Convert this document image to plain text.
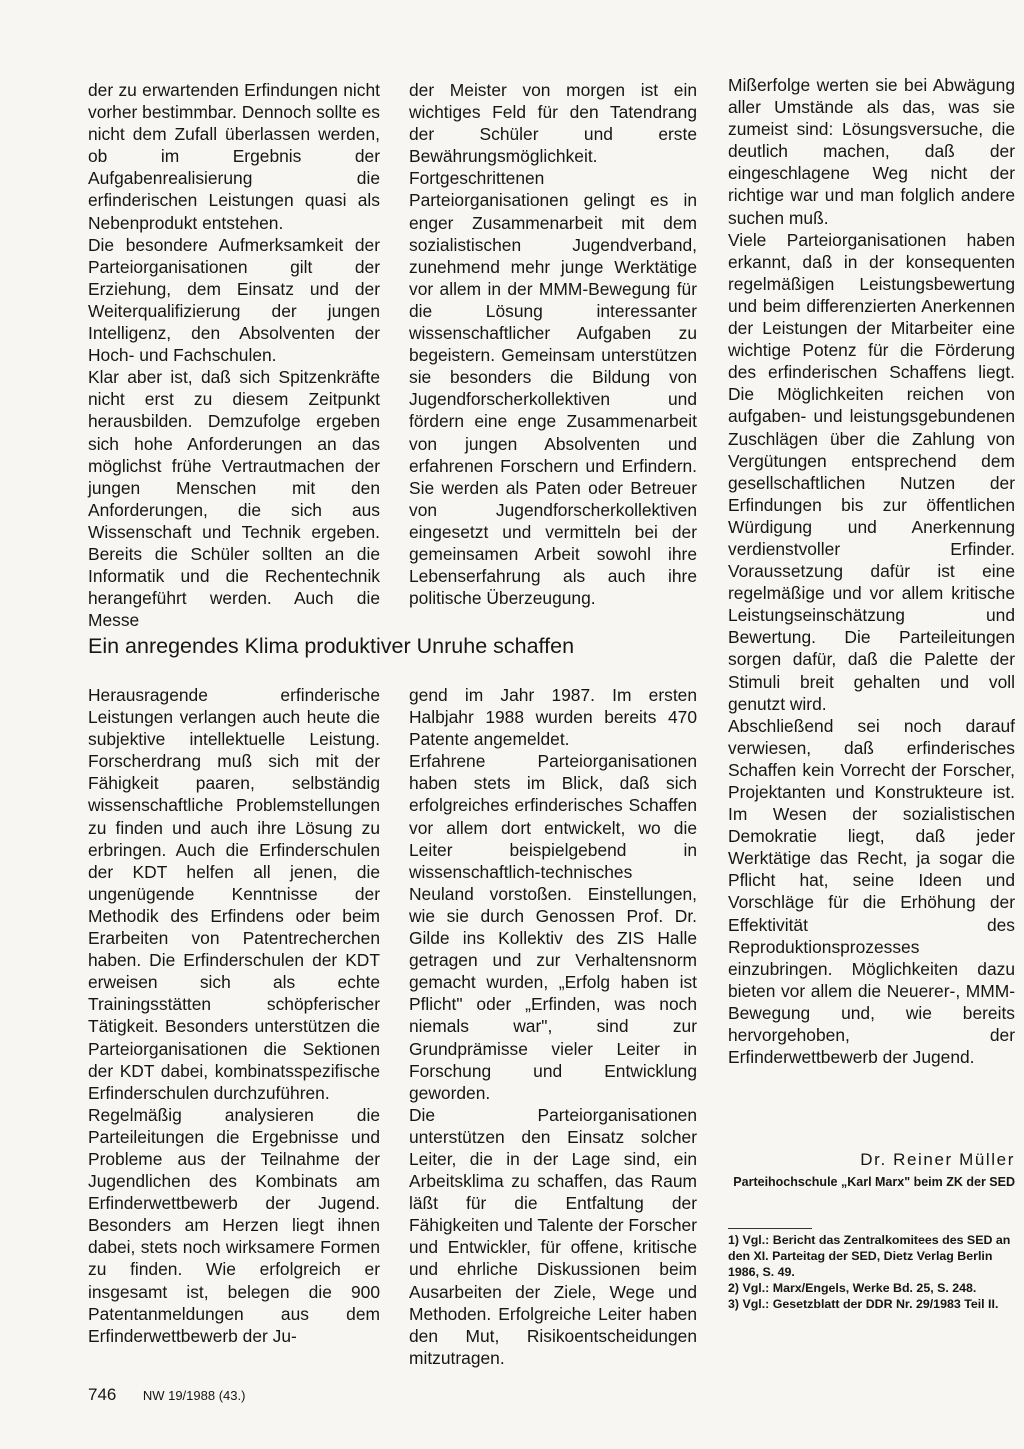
der zu erwartenden Erfindungen nicht vorher bestimmbar. Dennoch sollte es nicht dem Zufall überlassen werden, ob im Ergebnis der Aufgabenrealisierung die erfinderischen Leistungen quasi als Nebenprodukt entstehen.

Die besondere Aufmerksamkeit der Parteiorganisationen gilt der Erziehung, dem Einsatz und der Weiterqualifizierung der jungen Intelligenz, den Absolventen der Hoch- und Fachschulen.

Klar aber ist, daß sich Spitzenkräfte nicht erst zu diesem Zeitpunkt herausbilden. Demzufolge ergeben sich hohe Anforderungen an das möglichst frühe Vertrautmachen der jungen Menschen mit den Anforderungen, die sich aus Wissenschaft und Technik ergeben. Bereits die Schüler sollten an die Informatik und die Rechentechnik herangeführt werden. Auch die Messe

der Meister von morgen ist ein wichtiges Feld für den Tatendrang der Schüler und erste Bewährungsmöglichkeit.

Fortgeschrittenen Parteiorganisationen gelingt es in enger Zusammenarbeit mit dem sozialistischen Jugendverband, zunehmend mehr junge Werktätige vor allem in der MMM-Bewegung für die Lösung interessanter wissenschaftlicher Aufgaben zu begeistern. Gemeinsam unterstützen sie besonders die Bildung von Jugendforscherkollektiven und fördern eine enge Zusammenarbeit von jungen Absolventen und erfahrenen Forschern und Erfindern. Sie werden als Paten oder Betreuer von Jugendforscherkollektiven eingesetzt und vermitteln bei der gemeinsamen Arbeit sowohl ihre Lebenserfahrung als auch ihre politische Überzeugung.

Mißerfolge werten sie bei Abwägung aller Umstände als das, was sie zumeist sind: Lösungsversuche, die deutlich machen, daß der eingeschlagene Weg nicht der richtige war und man folglich andere suchen muß.

Viele Parteiorganisationen haben erkannt, daß in der konsequenten regelmäßigen Leistungsbewertung und beim differenzierten Anerkennen der Leistungen der Mitarbeiter eine wichtige Potenz für die Förderung des erfinderischen Schaffens liegt. Die Möglichkeiten reichen von aufgaben- und leistungsgebundenen Zuschlägen über die Zahlung von Vergütungen entsprechend dem gesellschaftlichen Nutzen der Erfindungen bis zur öffentlichen Würdigung und Anerkennung verdienstvoller Erfinder. Voraussetzung dafür ist eine regelmäßige und vor allem kritische Leistungseinschätzung und Bewertung. Die Parteileitungen sorgen dafür, daß die Palette der Stimuli breit gehalten und voll genutzt wird.

Abschließend sei noch darauf verwiesen, daß erfinderisches Schaffen kein Vorrecht der Forscher, Projektanten und Konstrukteure ist. Im Wesen der sozialistischen Demokratie liegt, daß jeder Werktätige das Recht, ja sogar die Pflicht hat, seine Ideen und Vorschläge für die Erhöhung der Effektivität des Reproduktionsprozesses einzubringen. Möglichkeiten dazu bieten vor allem die Neuerer-, MMM-Bewegung und, wie bereits hervorgehoben, der Erfinderwettbewerb der Jugend.

Ein anregendes Klima produktiver Unruhe schaffen

Herausragende erfinderische Leistungen verlangen auch heute die subjektive intellektuelle Leistung. Forscherdrang muß sich mit der Fähigkeit paaren, selbständig wissenschaftliche Problemstellungen zu finden und auch ihre Lösung zu erbringen. Auch die Erfinderschulen der KDT helfen all jenen, die ungenügende Kenntnisse der Methodik des Erfindens oder beim Erarbeiten von Patentrecherchen haben. Die Erfinderschulen der KDT erweisen sich als echte Trainingsstätten schöpferischer Tätigkeit. Besonders unterstützen die Parteiorganisationen die Sektionen der KDT dabei, kombinatsspezifische Erfinderschulen durchzuführen.

Regelmäßig analysieren die Parteileitungen die Ergebnisse und Probleme aus der Teilnahme der Jugendlichen des Kombinats am Erfinderwettbewerb der Jugend. Besonders am Herzen liegt ihnen dabei, stets noch wirksamere Formen zu finden. Wie erfolgreich er insgesamt ist, belegen die 900 Patentanmeldungen aus dem Erfinderwettbewerb der Ju-

gend im Jahr 1987. Im ersten Halbjahr 1988 wurden bereits 470 Patente angemeldet.

Erfahrene Parteiorganisationen haben stets im Blick, daß sich erfolgreiches erfinderisches Schaffen vor allem dort entwickelt, wo die Leiter beispielgebend in wissenschaftlich-technisches Neuland vorstoßen. Einstellungen, wie sie durch Genossen Prof. Dr. Gilde ins Kollektiv des ZIS Halle getragen und zur Verhaltensnorm gemacht wurden, „Erfolg haben ist Pflicht" oder „Erfinden, was noch niemals war", sind zur Grundprämisse vieler Leiter in Forschung und Entwicklung geworden.

Die Parteiorganisationen unterstützen den Einsatz solcher Leiter, die in der Lage sind, ein Arbeitsklima zu schaffen, das Raum läßt für die Entfaltung der Fähigkeiten und Talente der Forscher und Entwickler, für offene, kritische und ehrliche Diskussionen beim Ausarbeiten der Ziele, Wege und Methoden. Erfolgreiche Leiter haben den Mut, Risikoentscheidungen mitzutragen.

Dr. Reiner Müller
Parteihochschule „Karl Marx" beim ZK der SED

1) Vgl.: Bericht das Zentralkomitees des SED an den XI. Parteitag der SED, Dietz Verlag Berlin 1986, S. 49.

2) Vgl.: Marx/Engels, Werke Bd. 25, S. 248.

3) Vgl.: Gesetzblatt der DDR Nr. 29/1983 Teil II.

746 NW 19/1988 (43.)
